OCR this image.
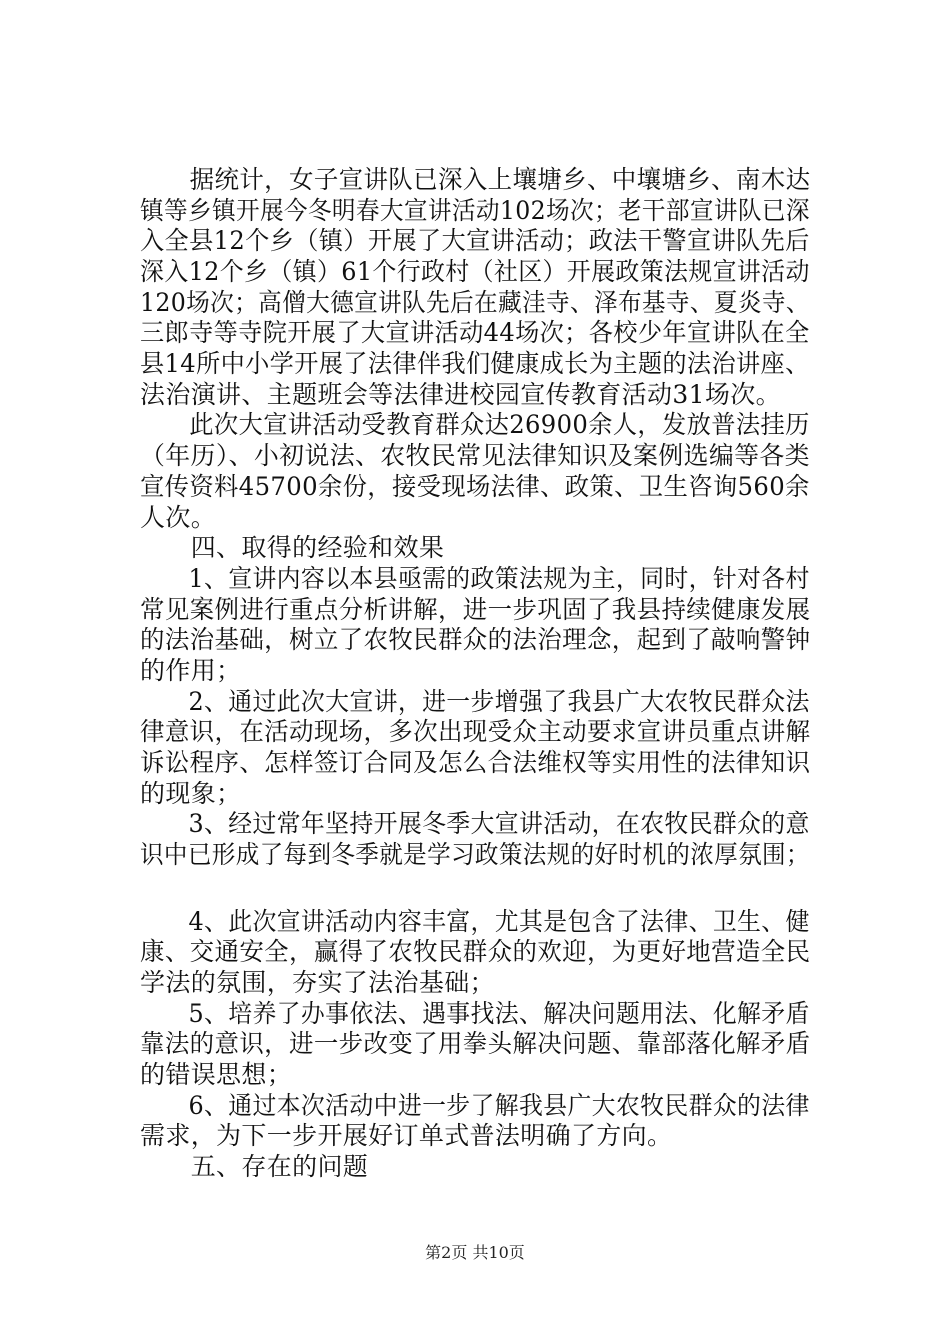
　　据统计，女子宣讲队已深入上壤塘乡、中壤塘乡、南木达
镇等乡镇开展今冬明春大宣讲活动102场次；老干部宣讲队已深
入全县12个乡（镇）开展了大宣讲活动；政法干警宣讲队先后
深入12个乡（镇）61个行政村（社区）开展政策法规宣讲活动
120场次；高僧大德宣讲队先后在藏洼寺、泽布基寺、夏炎寺、
三郎寺等寺院开展了大宣讲活动44场次；各校少年宣讲队在全
县14所中小学开展了法律伴我们健康成长为主题的法治讲座、
法治演讲、主题班会等法律进校园宣传教育活动31场次。
　　此次大宣讲活动受教育群众达26900余人，发放普法挂历
（年历）、小初说法、农牧民常见法律知识及案例选编等各类
宣传资料45700余份，接受现场法律、政策、卫生咨询560余
人次。
　　四、取得的经验和效果
　　1、宣讲内容以本县亟需的政策法规为主，同时，针对各村
常见案例进行重点分析讲解，进一步巩固了我县持续健康发展
的法治基础，树立了农牧民群众的法治理念，起到了敲响警钟
的作用；
　　2、通过此次大宣讲，进一步增强了我县广大农牧民群众法
律意识，在活动现场，多次出现受众主动要求宣讲员重点讲解
诉讼程序、怎样签订合同及怎么合法维权等实用性的法律知识
的现象；
　　3、经过常年坚持开展冬季大宣讲活动，在农牧民群众的意
识中已形成了每到冬季就是学习政策法规的好时机的浓厚氛围；
　　4、此次宣讲活动内容丰富，尤其是包含了法律、卫生、健
康、交通安全，赢得了农牧民群众的欢迎，为更好地营造全民
学法的氛围，夯实了法治基础；
　　5、培养了办事依法、遇事找法、解决问题用法、化解矛盾
靠法的意识，进一步改变了用拳头解决问题、靠部落化解矛盾
的错误思想；
　　6、通过本次活动中进一步了解我县广大农牧民群众的法律
需求，为下一步开展好订单式普法明确了方向。
　　五、存在的问题
第2页 共10页
